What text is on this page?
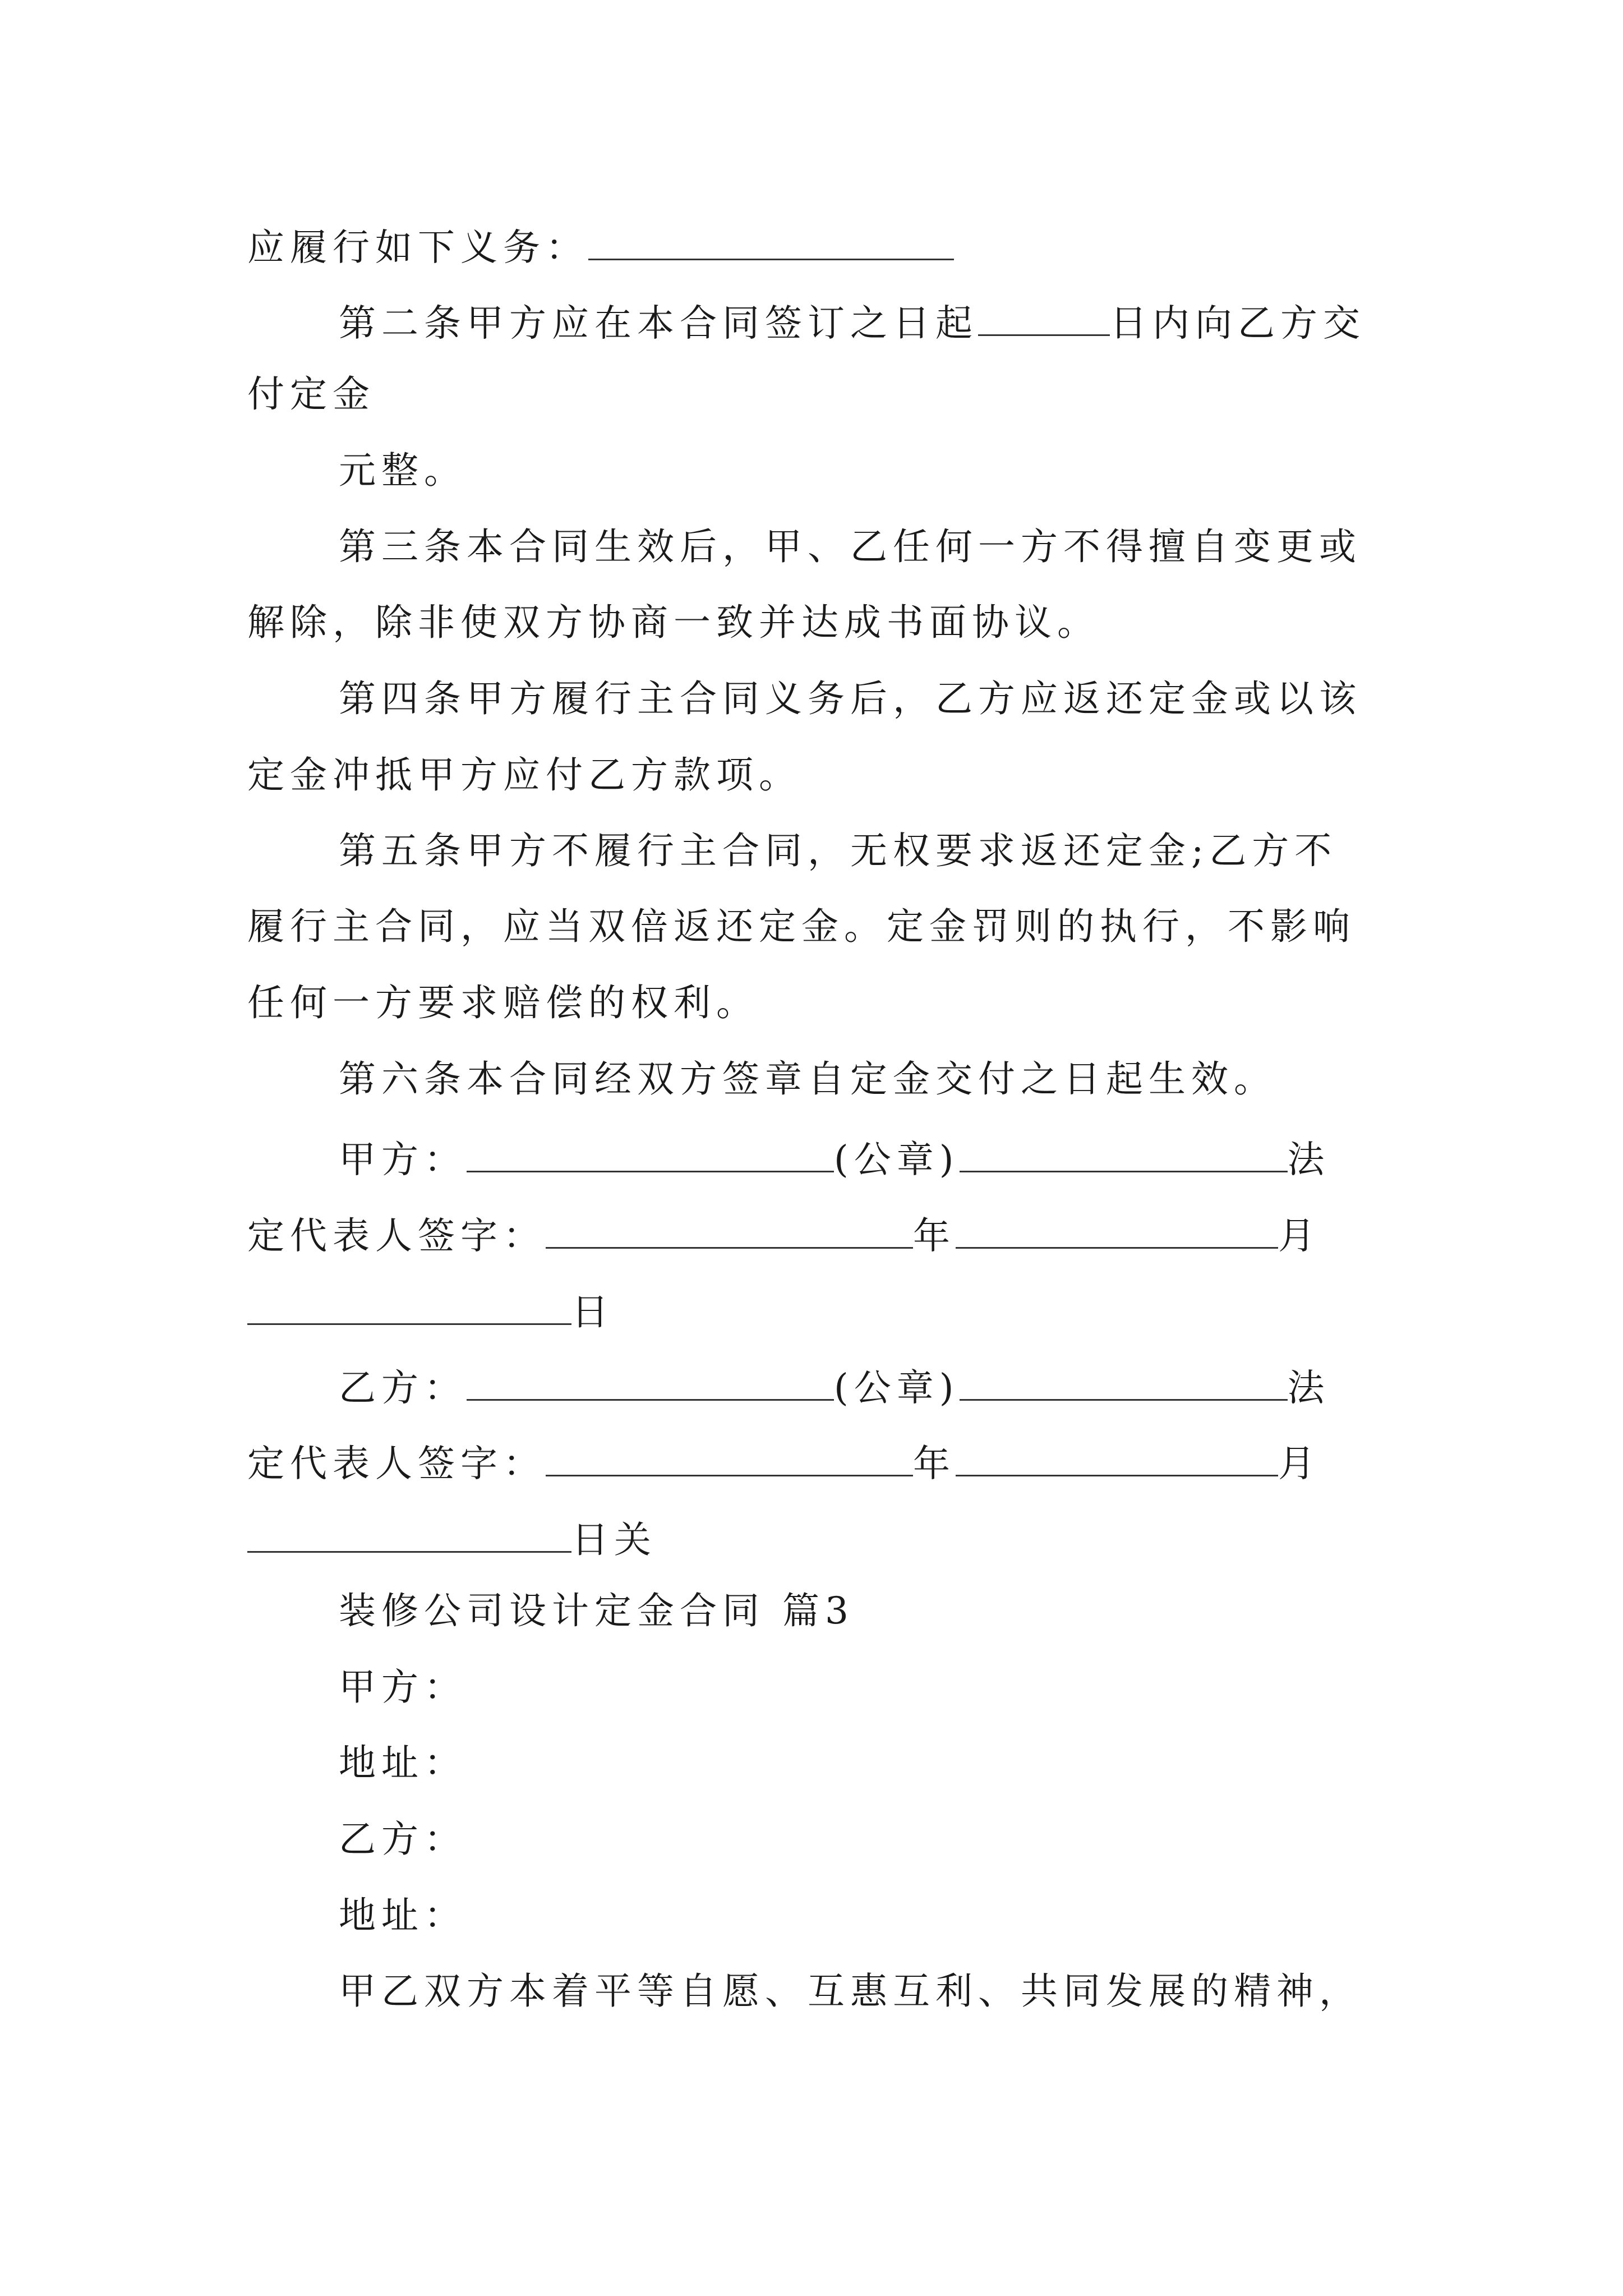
应履行如下义务：
第二条甲方应在本合同签订之日起	日内向乙方交
付定金
元整。
第三条本合同生效后，甲、乙任何一方不得擅自变更或
解除，除非使双方协商一致并达成书面协议。
第四条甲方履行主合同义务后，乙方应返还定金或以该
定金冲抵甲方应付乙方款项。
第五条甲方不履行主合同，无权要求返还定金;乙方不
履行主合同，应当双倍返还定金。定金罚则的执行，不影响
任何一方要求赔偿的权利。
第六条本合同经双方签章自定金交付之日起生效。
甲方：	(公章)	法
定代表人签字：	年	月
日
乙方：	(公章)	法
定代表人签字：	年	月
日关
装修公司设计定金合同 篇3
甲方：
地址：
乙方：
地址：
甲乙双方本着平等自愿、互惠互利、共同发展的精神，
